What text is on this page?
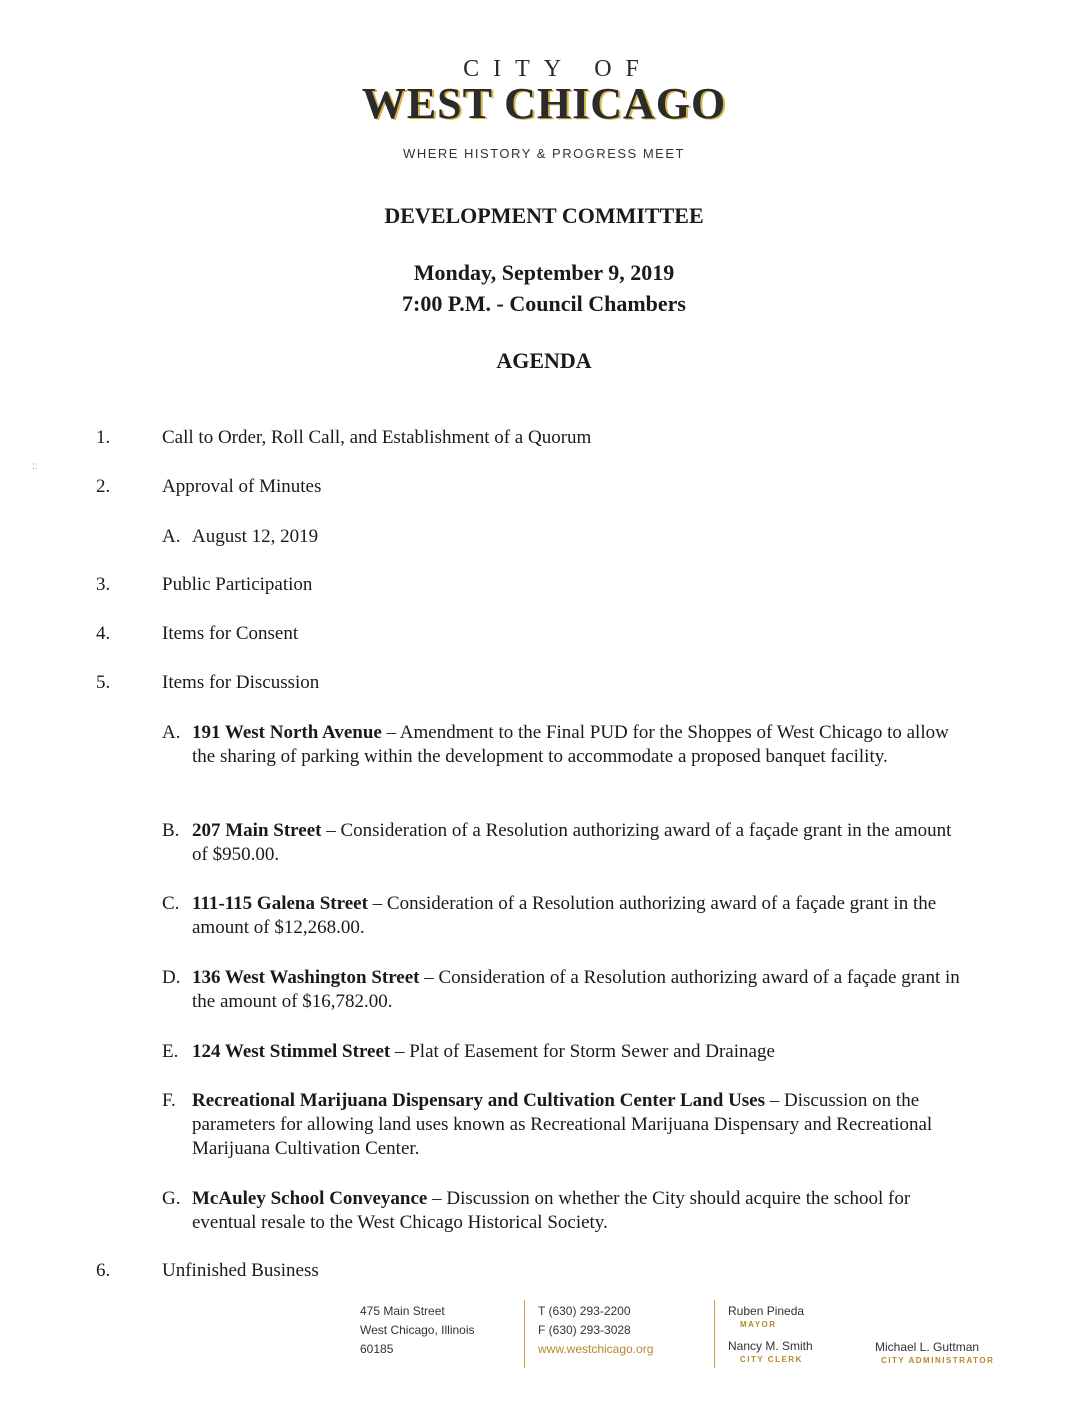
CITY OF
WEST CHICAGO
WHERE HISTORY & PROGRESS MEET
DEVELOPMENT COMMITTEE
Monday, September 9, 2019
7:00 P.M. - Council Chambers
AGENDA
::
1.	Call to Order, Roll Call, and Establishment of a Quorum
2.	Approval of Minutes
A. August 12, 2019
3.	Public Participation
4.	Items for Consent
5.	Items for Discussion
A. 191 West North Avenue – Amendment to the Final PUD for the Shoppes of West Chicago to allow the sharing of parking within the development to accommodate a proposed banquet facility.
B. 207 Main Street – Consideration of a Resolution authorizing award of a façade grant in the amount of $950.00.
C. 111-115 Galena Street – Consideration of a Resolution authorizing award of a façade grant in the amount of $12,268.00.
D. 136 West Washington Street – Consideration of a Resolution authorizing award of a façade grant in the amount of $16,782.00.
E. 124 West Stimmel Street – Plat of Easement for Storm Sewer and Drainage
F. Recreational Marijuana Dispensary and Cultivation Center Land Uses – Discussion on the parameters for allowing land uses known as Recreational Marijuana Dispensary and Recreational Marijuana Cultivation Center.
G. McAuley School Conveyance – Discussion on whether the City should acquire the school for eventual resale to the West Chicago Historical Society.
6.	Unfinished Business
475 Main Street
West Chicago, Illinois
60185
T (630) 293-2200
F (630) 293-3028
www.westchicago.org
Ruben Pineda
MAYOR
Nancy M. Smith
CITY CLERK
Michael L. Guttman
CITY ADMINISTRATOR
